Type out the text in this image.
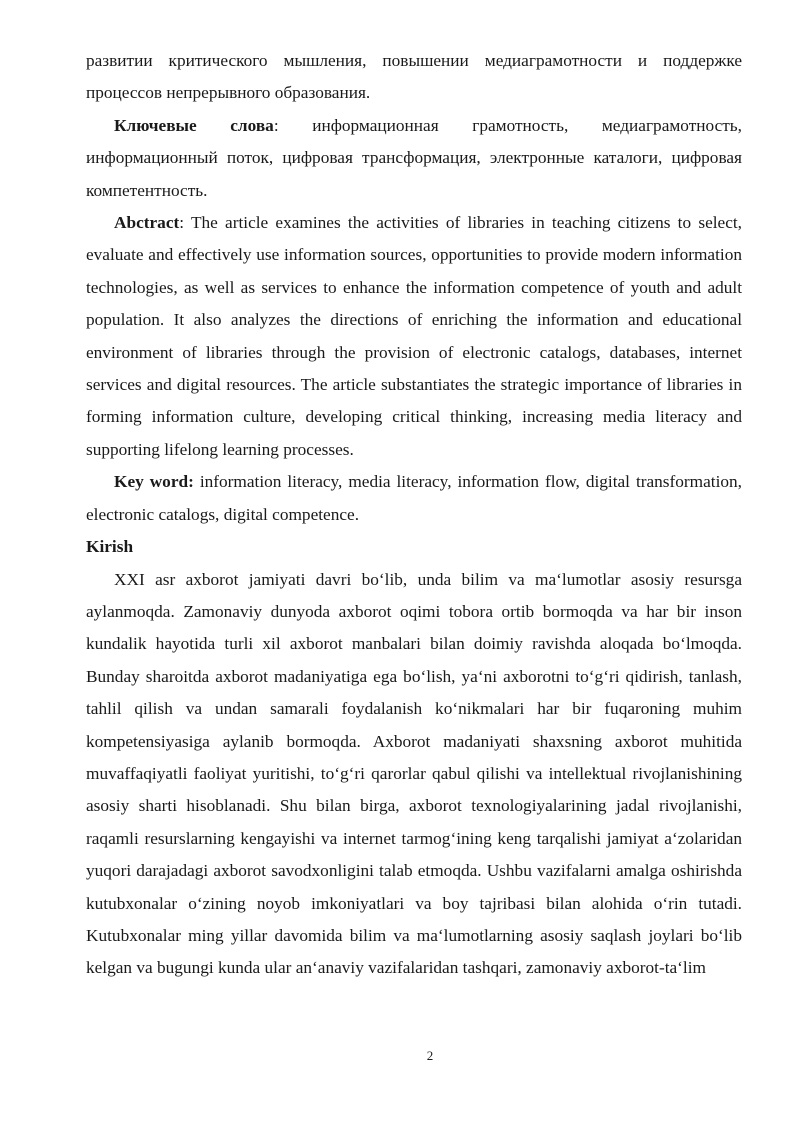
развитии критического мышления, повышении медиаграмотности и поддержке процессов непрерывного образования.

Ключевые слова: информационная грамотность, медиаграмотность, информационный поток, цифровая трансформация, электронные каталоги, цифровая компетентность.

Abctract: The article examines the activities of libraries in teaching citizens to select, evaluate and effectively use information sources, opportunities to provide modern information technologies, as well as services to enhance the information competence of youth and adult population. It also analyzes the directions of enriching the information and educational environment of libraries through the provision of electronic catalogs, databases, internet services and digital resources. The article substantiates the strategic importance of libraries in forming information culture, developing critical thinking, increasing media literacy and supporting lifelong learning processes.

Key word: information literacy, media literacy, information flow, digital transformation, electronic catalogs, digital competence.

Kirish

XXI asr axborot jamiyati davri bo‘lib, unda bilim va ma‘lumotlar asosiy resursga aylanmoqda. Zamonaviy dunyoda axborot oqimi tobora ortib bormoqda va har bir inson kundalik hayotida turli xil axborot manbalari bilan doimiy ravishda aloqada bo‘lmoqda. Bunday sharoitda axborot madaniyatiga ega bo‘lish, ya‘ni axborotni to‘g‘ri qidirish, tanlash, tahlil qilish va undan samarali foydalanish ko‘nikmalari har bir fuqaroning muhim kompetensiyasiga aylanib bormoqda. Axborot madaniyati shaxsning axborot muhitida muvaffaqiyatli faoliyat yuritishi, to‘g‘ri qarorlar qabul qilishi va intellektual rivojlanishining asosiy sharti hisoblanadi. Shu bilan birga, axborot texnologiyalarining jadal rivojlanishi, raqamli resurslarning kengayishi va internet tarmog‘ining keng tarqalishi jamiyat a‘zolaridan yuqori darajadagi axborot savodxonligini talab etmoqda. Ushbu vazifalarni amalga oshirishda kutubxonalar o‘zining noyob imkoniyatlari va boy tajribasi bilan alohida o‘rin tutadi. Kutubxonalar ming yillar davomida bilim va ma‘lumotlarning asosiy saqlash joylari bo‘lib kelgan va bugungi kunda ular an‘anaviy vazifalaridan tashqari, zamonaviy axborot-ta‘lim

2
